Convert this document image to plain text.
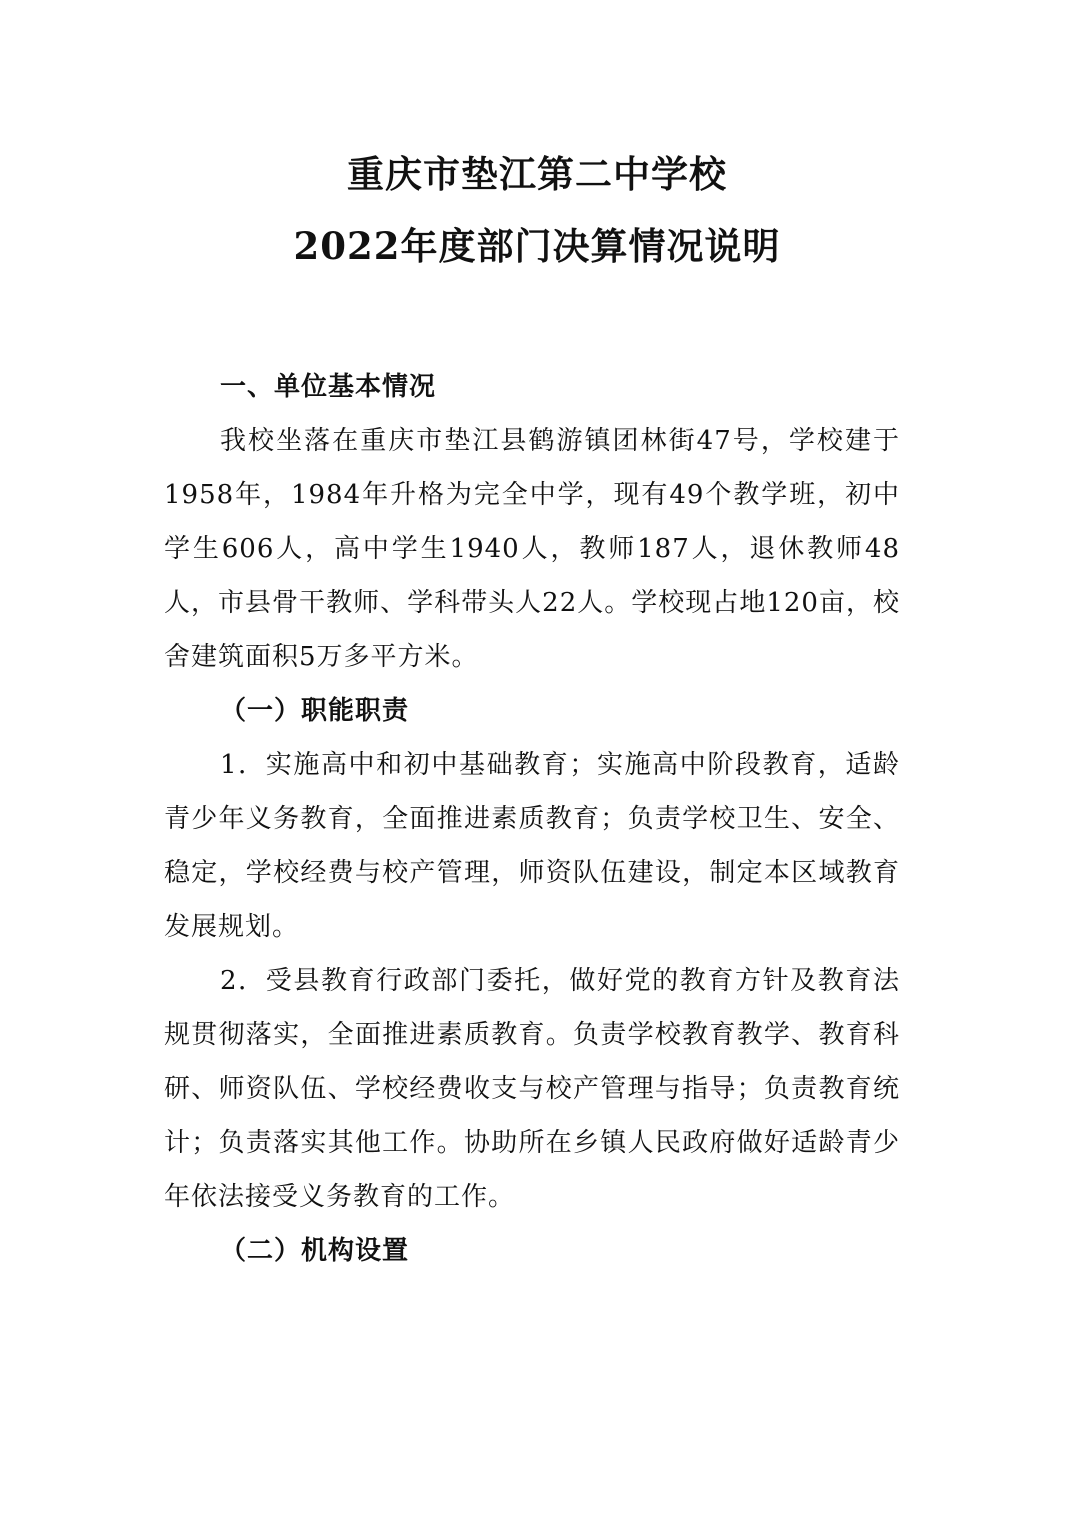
重庆市垫江第二中学校
2022年度部门决算情况说明

一、单位基本情况

我校坐落在重庆市垫江县鹤游镇团林街47号，学校建于1958年，1984年升格为完全中学，现有49个教学班，初中学生606人，高中学生1940人，教师187人，退休教师48人，市县骨干教师、学科带头人22人。学校现占地120亩，校舍建筑面积5万多平方米。

（一）职能职责

1．实施高中和初中基础教育；实施高中阶段教育，适龄青少年义务教育，全面推进素质教育；负责学校卫生、安全、稳定，学校经费与校产管理，师资队伍建设，制定本区域教育发展规划。

2．受县教育行政部门委托，做好党的教育方针及教育法规贯彻落实，全面推进素质教育。负责学校教育教学、教育科研、师资队伍、学校经费收支与校产管理与指导；负责教育统计；负责落实其他工作。协助所在乡镇人民政府做好适龄青少年依法接受义务教育的工作。

（二）机构设置
